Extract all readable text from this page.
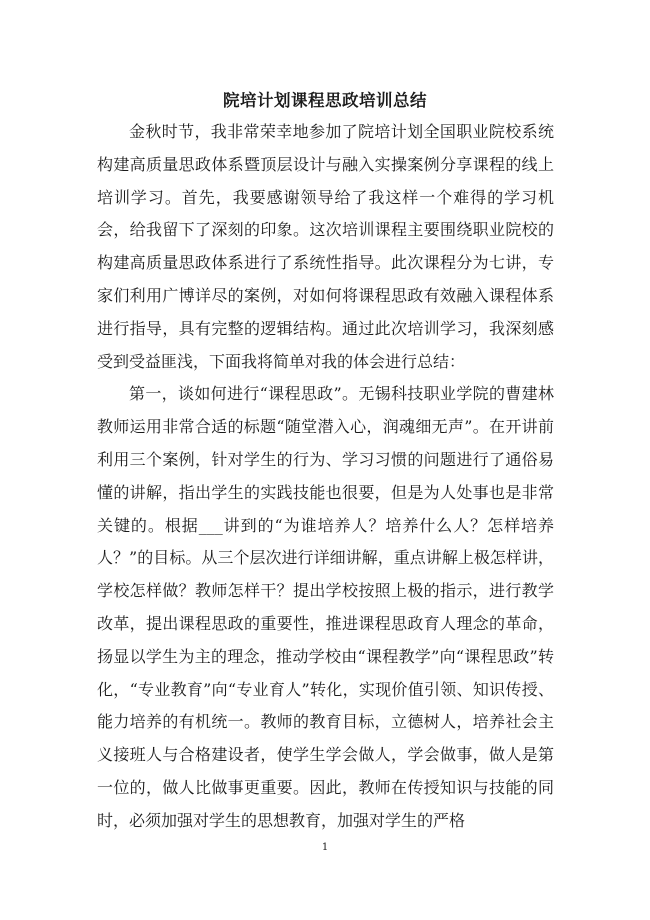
院培计划课程思政培训总结

金秋时节，我非常荣幸地参加了院培计划全国职业院校系统构建高质量思政体系暨顶层设计与融入实操案例分享课程的线上培训学习。首先，我要感谢领导给了我这样一个难得的学习机会，给我留下了深刻的印象。这次培训课程主要围绕职业院校的构建高质量思政体系进行了系统性指导。此次课程分为七讲，专家们利用广博详尽的案例，对如何将课程思政有效融入课程体系进行指导，具有完整的逻辑结构。通过此次培训学习，我深刻感受到受益匪浅，下面我将简单对我的体会进行总结：

第一，谈如何进行“课程思政”。无锡科技职业学院的曹建林教师运用非常合适的标题“随堂潜入心，润魂细无声”。在开讲前利用三个案例，针对学生的行为、学习习惯的问题进行了通俗易懂的讲解，指出学生的实践技能也很要，但是为人处事也是非常关键的。根据___讲到的“为谁培养人？培养什么人？怎样培养人？”的目标。从三个层次进行详细讲解，重点讲解上极怎样讲，学校怎样做？教师怎样干？提出学校按照上极的指示，进行教学改革，提出课程思政的重要性，推进课程思政育人理念的革命，扬显以学生为主的理念，推动学校由“课程教学”向“课程思政”转化，“专业教育”向“专业育人”转化，实现价值引领、知识传授、能力培养的有机统一。教师的教育目标，立德树人，培养社会主义接班人与合格建设者，使学生学会做人，学会做事，做人是第一位的，做人比做事更重要。因此，教师在传授知识与技能的同时，必须加强对学生的思想教育，加强对学生的严格

1
